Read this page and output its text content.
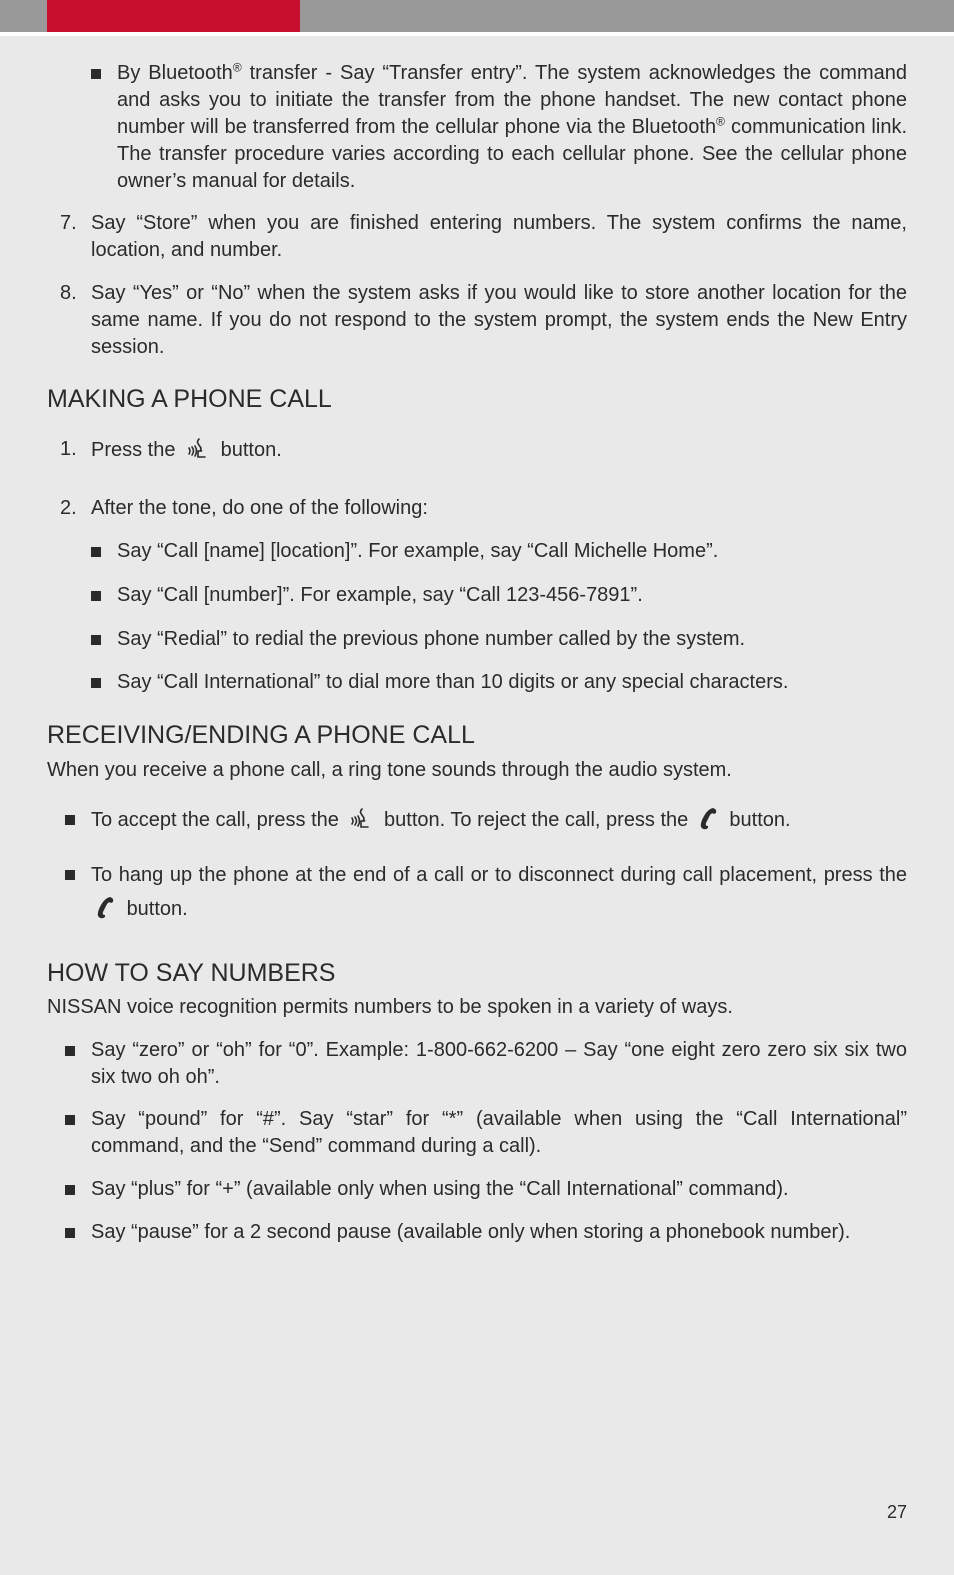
By Bluetooth® transfer - Say “Transfer entry”. The system acknowledges the command and asks you to initiate the transfer from the phone handset. The new contact phone number will be transferred from the cellular phone via the Bluetooth® communication link. The transfer procedure varies according to each cellular phone. See the cellular phone owner’s manual for details.
7. Say “Store” when you are finished entering numbers. The system confirms the name, location, and number.
8. Say “Yes” or “No” when the system asks if you would like to store another location for the same name. If you do not respond to the system prompt, the system ends the New Entry session.
MAKING A PHONE CALL
1. Press the button.
2. After the tone, do one of the following:
Say “Call [name] [location]”. For example, say “Call Michelle Home”.
Say “Call [number]”. For example, say “Call 123-456-7891”.
Say “Redial” to redial the previous phone number called by the system.
Say “Call International” to dial more than 10 digits or any special characters.
RECEIVING/ENDING A PHONE CALL
When you receive a phone call, a ring tone sounds through the audio system.
To accept the call, press the button. To reject the call, press the button.
To hang up the phone at the end of a call or to disconnect during call placement, press the  button.
HOW TO SAY NUMBERS
NISSAN voice recognition permits numbers to be spoken in a variety of ways.
Say “zero” or “oh” for “0”. Example: 1-800-662-6200 – Say “one eight zero zero six six two six two oh oh”.
Say “pound” for “#”. Say “star” for “*” (available when using the “Call International” command, and the “Send” command during a call).
Say “plus” for “+” (available only when using the “Call International” command).
Say “pause” for a 2 second pause (available only when storing a phonebook number).
27
